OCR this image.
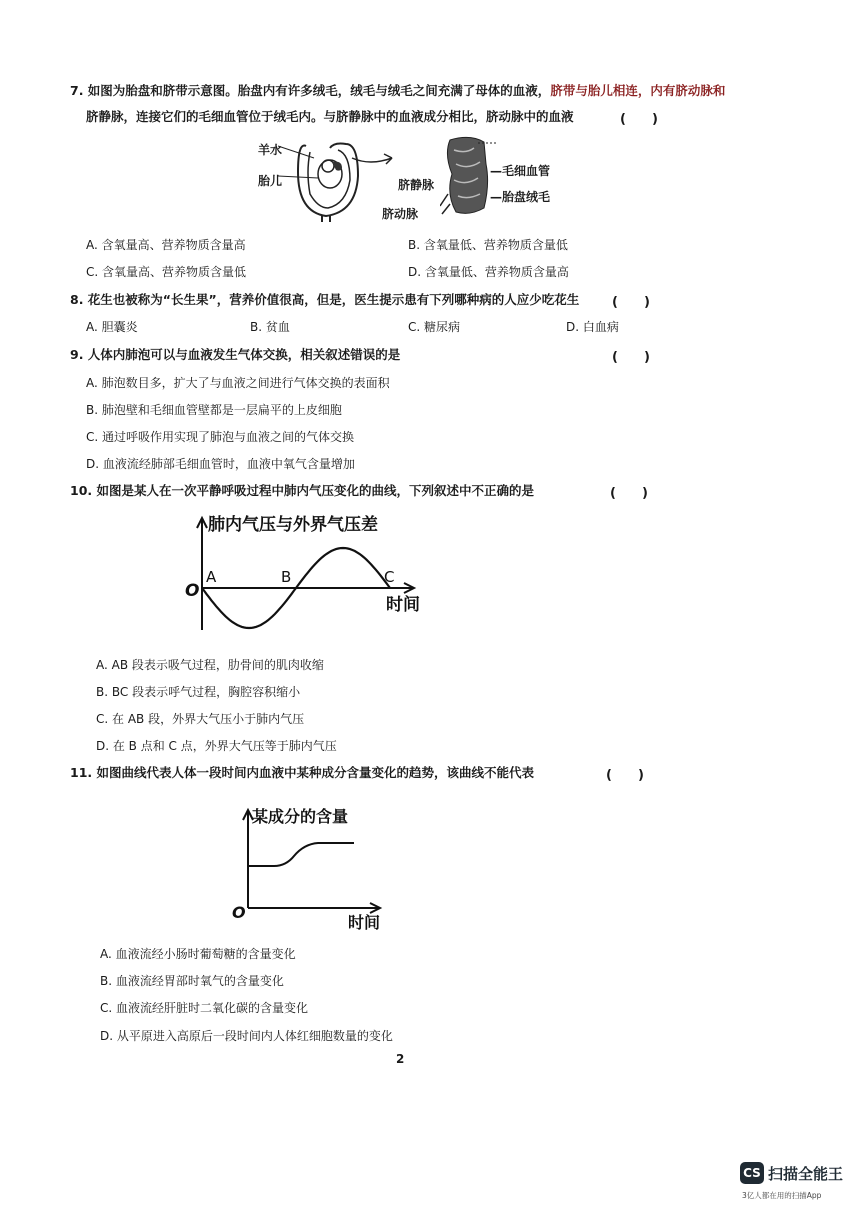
7. 如图为胎盘和脐带示意图。胎盘内有许多绒毛，绒毛与绒毛之间充满了母体的血液，脐带与胎儿相连，内有脐动脉和
脐静脉，连接它们的毛细血管位于绒毛内。与脐静脉中的血液成分相比，脐动脉中的血液	(　　)
羊水
胎儿
—毛细血管
脐静脉
—胎盘绒毛
脐动脉
A. 含氧量高、营养物质含量高	B. 含氧量低、营养物质含量低
C. 含氧量高、营养物质含量低	D. 含氧量低、营养物质含量高
8. 花生也被称为“长生果”，营养价值很高，但是，医生提示患有下列哪种病的人应少吃花生	(　　)
A. 胆囊炎	B. 贫血	C. 糖尿病	D. 白血病
9. 人体内肺泡可以与血液发生气体交换，相关叙述错误的是	(　　)
A. 肺泡数目多，扩大了与血液之间进行气体交换的表面积
B. 肺泡壁和毛细血管壁都是一层扁平的上皮细胞
C. 通过呼吸作用实现了肺泡与血液之间的气体交换
D. 血液流经肺部毛细血管时，血液中氧气含量增加
10. 如图是某人在一次平静呼吸过程中肺内气压变化的曲线，下列叙述中不正确的是	(　　)
肺内气压与外界气压差
O
A	B	C
时间
A. AB 段表示吸气过程，肋骨间的肌肉收缩
B. BC 段表示呼气过程，胸腔容积缩小
C. 在 AB 段，外界大气压小于肺内气压
D. 在 B 点和 C 点，外界大气压等于肺内气压
11. 如图曲线代表人体一段时间内血液中某种成分含量变化的趋势，该曲线不能代表	(　　)
某成分的含量
O
时间
A. 血液流经小肠时葡萄糖的含量变化
B. 血液流经胃部时氧气的含量变化
C. 血液流经肝脏时二氧化碳的含量变化
D. 从平原进入高原后一段时间内人体红细胞数量的变化
2
CS 扫描全能王
3亿人都在用的扫描App
